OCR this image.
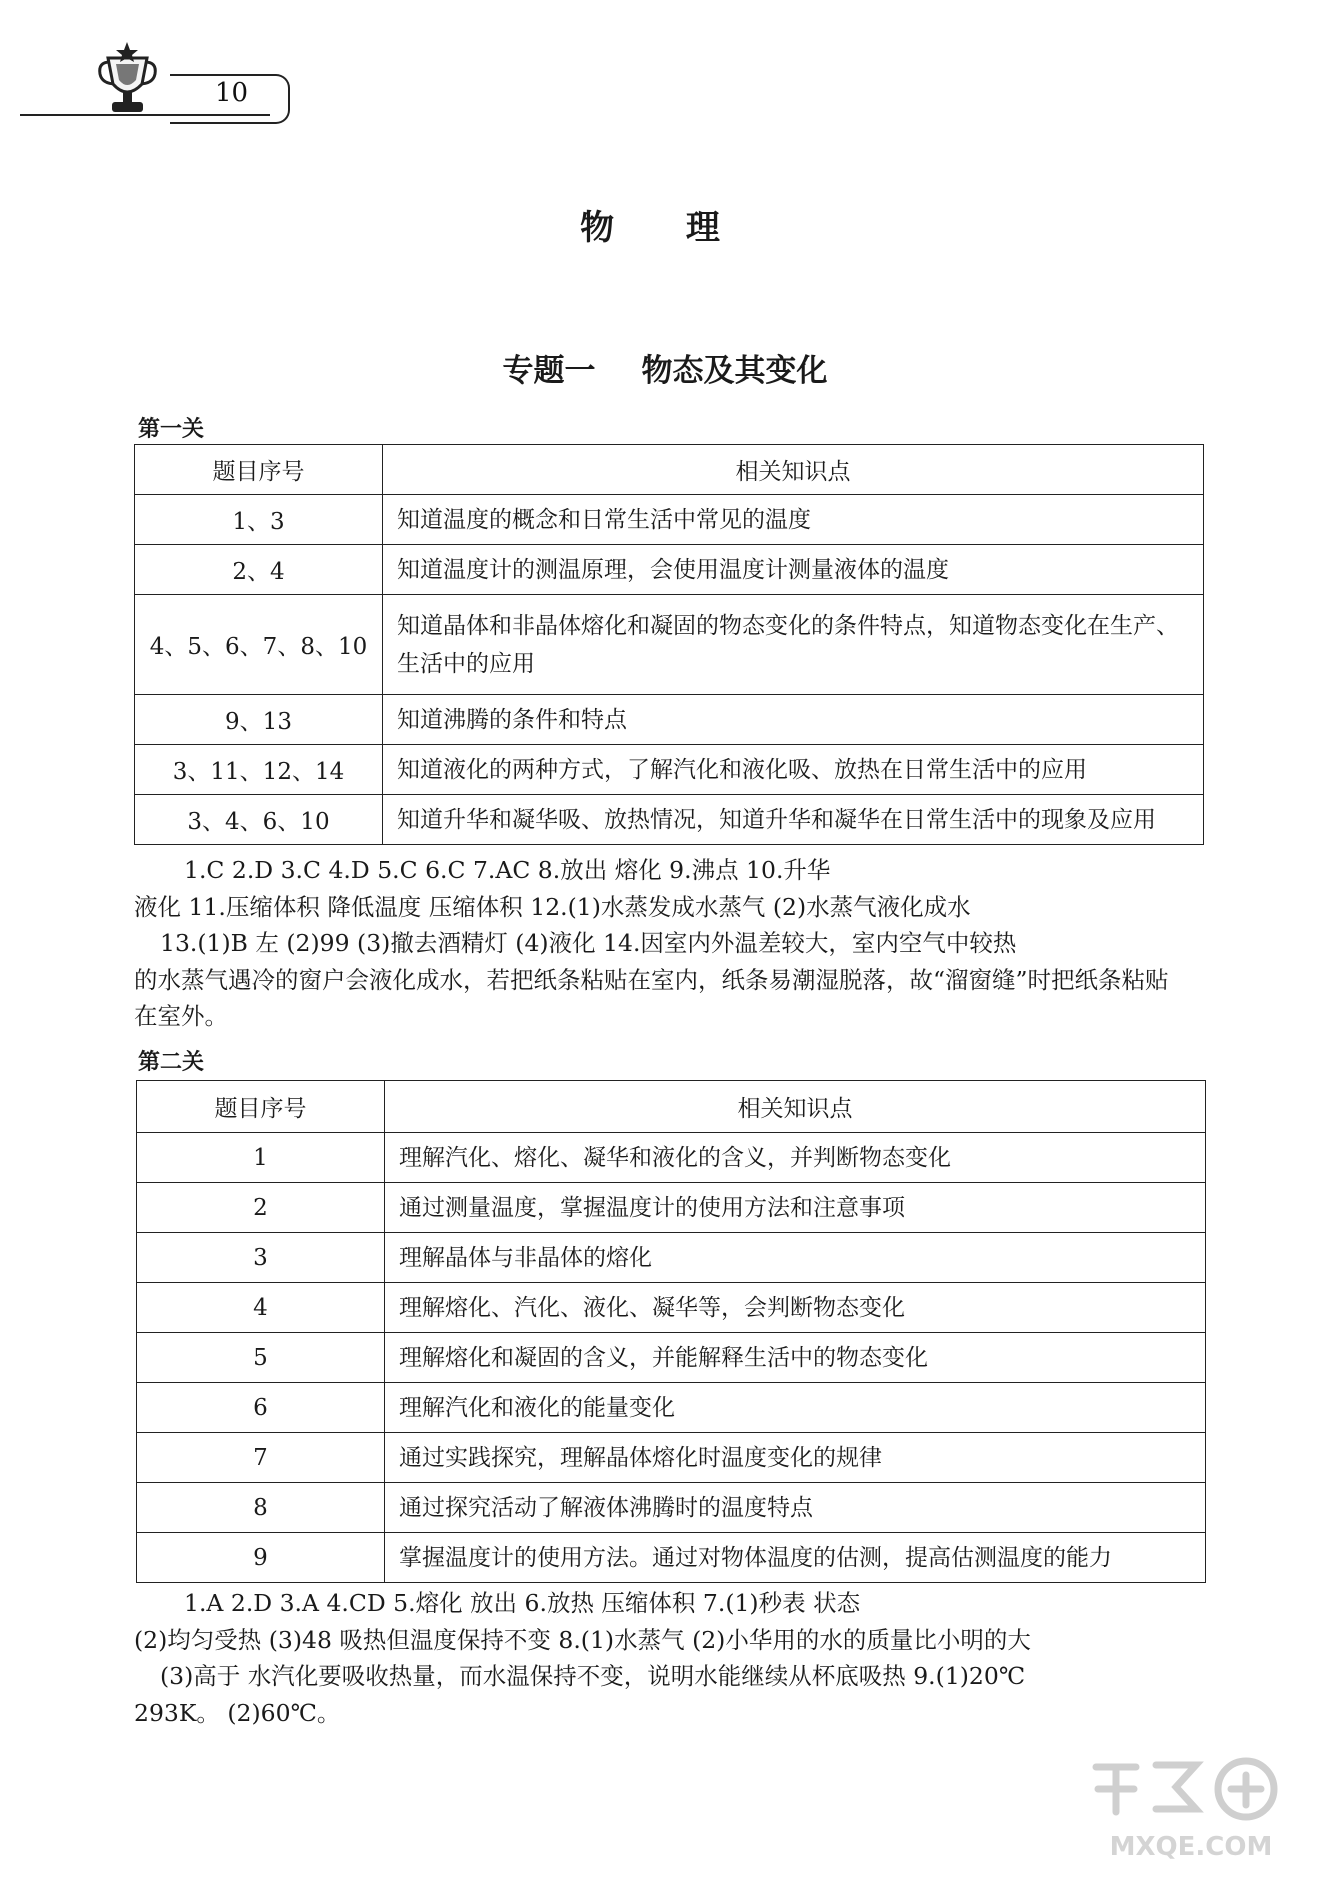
10
物 理
专题一 物态及其变化
第一关
题目序号	相关知识点
1、3	知道温度的概念和日常生活中常见的温度
2、4	知道温度计的测温原理，会使用温度计测量液体的温度
4、5、6、7、8、10	知道晶体和非晶体熔化和凝固的物态变化的条件特点，知道物态变化在生产、生活中的应用
9、13	知道沸腾的条件和特点
3、11、12、14	知道液化的两种方式，了解汽化和液化吸、放热在日常生活中的应用
3、4、6、10	知道升华和凝华吸、放热情况，知道升华和凝华在日常生活中的现象及应用

1.C 2.D 3.C 4.D 5.C 6.C 7.AC 8.放出 熔化 9.沸点 10.升华

液化 11.压缩体积 降低温度 压缩体积 12.(1)水蒸发成水蒸气 (2)水蒸气液化成水

13.(1)B 左 (2)99 (3)撤去酒精灯 (4)液化 14.因室内外温差较大，室内空气中较热

的水蒸气遇冷的窗户会液化成水，若把纸条粘贴在室内，纸条易潮湿脱落，故“溜窗缝”时把纸条粘贴

在室外。

第二关
题目序号	相关知识点
1	理解汽化、熔化、凝华和液化的含义，并判断物态变化
2	通过测量温度，掌握温度计的使用方法和注意事项
3	理解晶体与非晶体的熔化
4	理解熔化、汽化、液化、凝华等，会判断物态变化
5	理解熔化和凝固的含义，并能解释生活中的物态变化
6	理解汽化和液化的能量变化
7	通过实践探究，理解晶体熔化时温度变化的规律
8	通过探究活动了解液体沸腾时的温度特点
9	掌握温度计的使用方法。通过对物体温度的估测，提高估测温度的能力

1.A 2.D 3.A 4.CD 5.熔化 放出 6.放热 压缩体积 7.(1)秒表 状态

(2)均匀受热 (3)48 吸热但温度保持不变 8.(1)水蒸气 (2)小华用的水的质量比小明的大

(3)高于 水汽化要吸收热量，而水温保持不变，说明水能继续从杯底吸热 9.(1)20℃

293K。 (2)60℃。

MXQE.COM
